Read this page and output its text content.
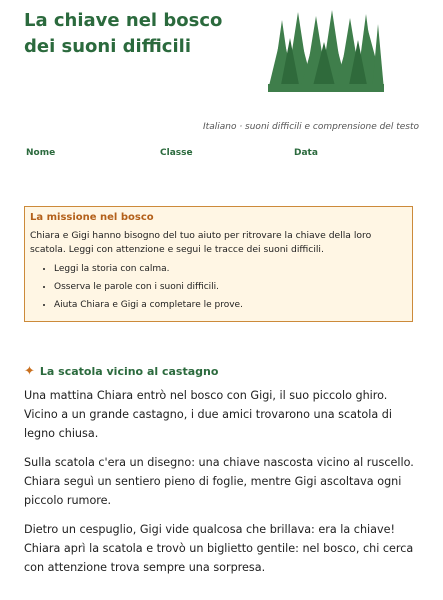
La chiave nel bosco dei suoni difficili
Italiano · suoni difficili e comprensione del testo
Nome	Classe	Data
La missione nel bosco

Chiara e Gigi hanno bisogno del tuo aiuto per ritrovare la chiave della loro scatola. Leggi con attenzione e segui le tracce dei suoni difficili.

• Leggi la storia con calma.
• Osserva le parole con i suoni difficili.
• Aiuta Chiara e Gigi a completare le prove.
✦ La scatola vicino al castagno

Una mattina Chiara entrò nel bosco con Gigi, il suo piccolo ghiro. Vicino a un grande castagno, i due amici trovarono una scatola di legno chiusa.

Sulla scatola c'era un disegno: una chiave nascosta vicino al ruscello. Chiara seguì un sentiero pieno di foglie, mentre Gigi ascoltava ogni piccolo rumore.

Dietro un cespuglio, Gigi vide qualcosa che brillava: era la chiave! Chiara aprì la scatola e trovò un biglietto gentile: nel bosco, chi cerca con attenzione trova sempre una sorpresa.
